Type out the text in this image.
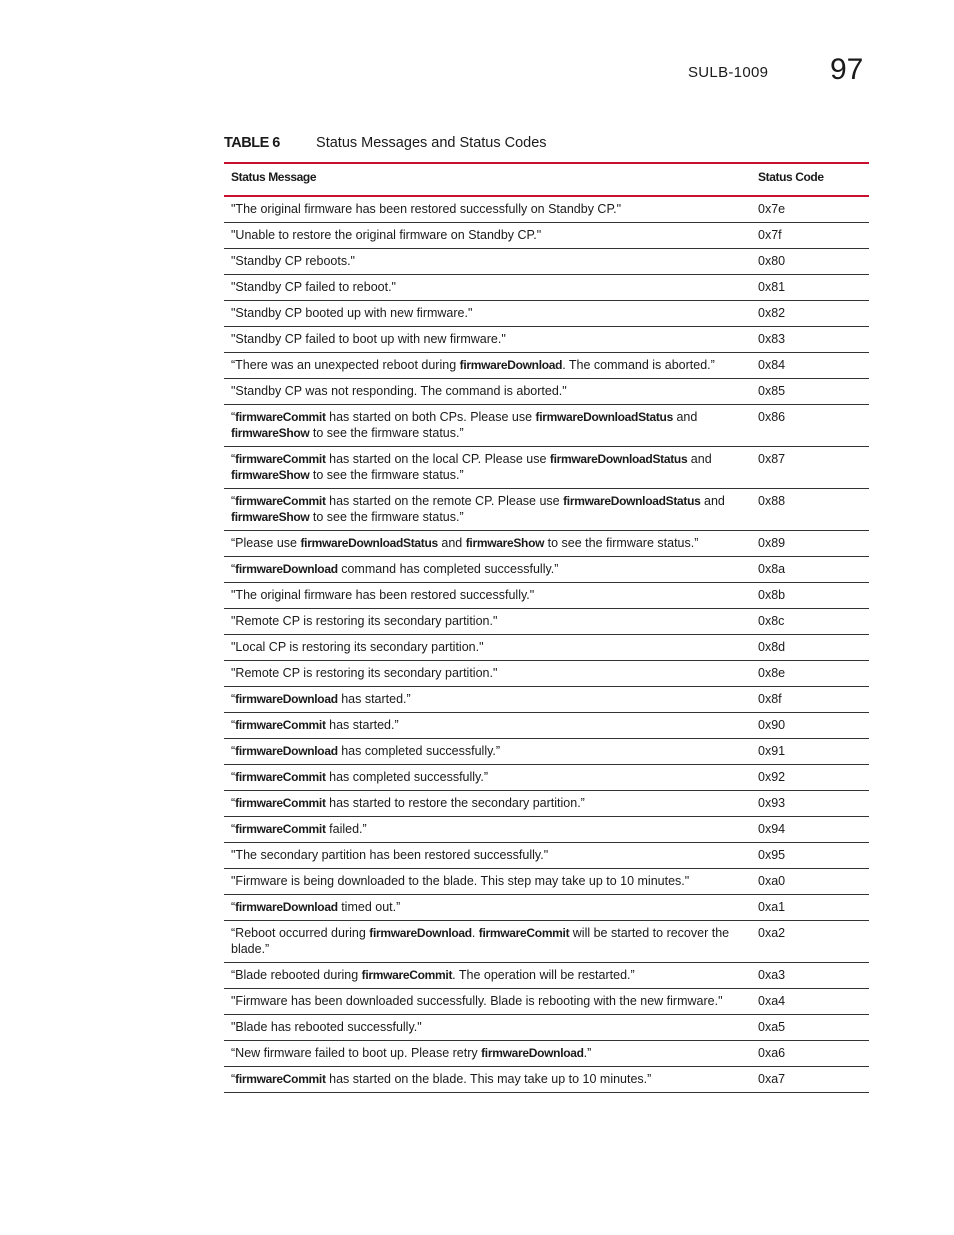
SULB-1009 97
TABLE 6 Status Messages and Status Codes
Status Message	Status Code
"The original firmware has been restored successfully on Standby CP."	0x7e
"Unable to restore the original firmware on Standby CP."	0x7f
"Standby CP reboots."	0x80
"Standby CP failed to reboot."	0x81
"Standby CP booted up with new firmware."	0x82
"Standby CP failed to boot up with new firmware."	0x83
“There was an unexpected reboot during firmwareDownload. The command is aborted.”	0x84
"Standby CP was not responding. The command is aborted."	0x85
“firmwareCommit has started on both CPs. Please use firmwareDownloadStatus and firmwareShow to see the firmware status.”	0x86
“firmwareCommit has started on the local CP. Please use firmwareDownloadStatus and firmwareShow to see the firmware status.”	0x87
“firmwareCommit has started on the remote CP. Please use firmwareDownloadStatus and firmwareShow to see the firmware status.”	0x88
“Please use firmwareDownloadStatus and firmwareShow to see the firmware status.”	0x89
“firmwareDownload command has completed successfully.”	0x8a
"The original firmware has been restored successfully."	0x8b
"Remote CP is restoring its secondary partition."	0x8c
"Local CP is restoring its secondary partition."	0x8d
"Remote CP is restoring its secondary partition."	0x8e
“firmwareDownload has started.”	0x8f
“firmwareCommit has started.”	0x90
“firmwareDownload has completed successfully.”	0x91
“firmwareCommit has completed successfully.”	0x92
“firmwareCommit has started to restore the secondary partition.”	0x93
“firmwareCommit failed.”	0x94
"The secondary partition has been restored successfully."	0x95
"Firmware is being downloaded to the blade. This step may take up to 10 minutes."	0xa0
“firmwareDownload timed out.”	0xa1
“Reboot occurred during firmwareDownload. firmwareCommit will be started to recover the blade.”	0xa2
“Blade rebooted during firmwareCommit. The operation will be restarted.”	0xa3
"Firmware has been downloaded successfully. Blade is rebooting with the new firmware."	0xa4
"Blade has rebooted successfully."	0xa5
“New firmware failed to boot up. Please retry firmwareDownload.”	0xa6
“firmwareCommit has started on the blade. This may take up to 10 minutes.”	0xa7
